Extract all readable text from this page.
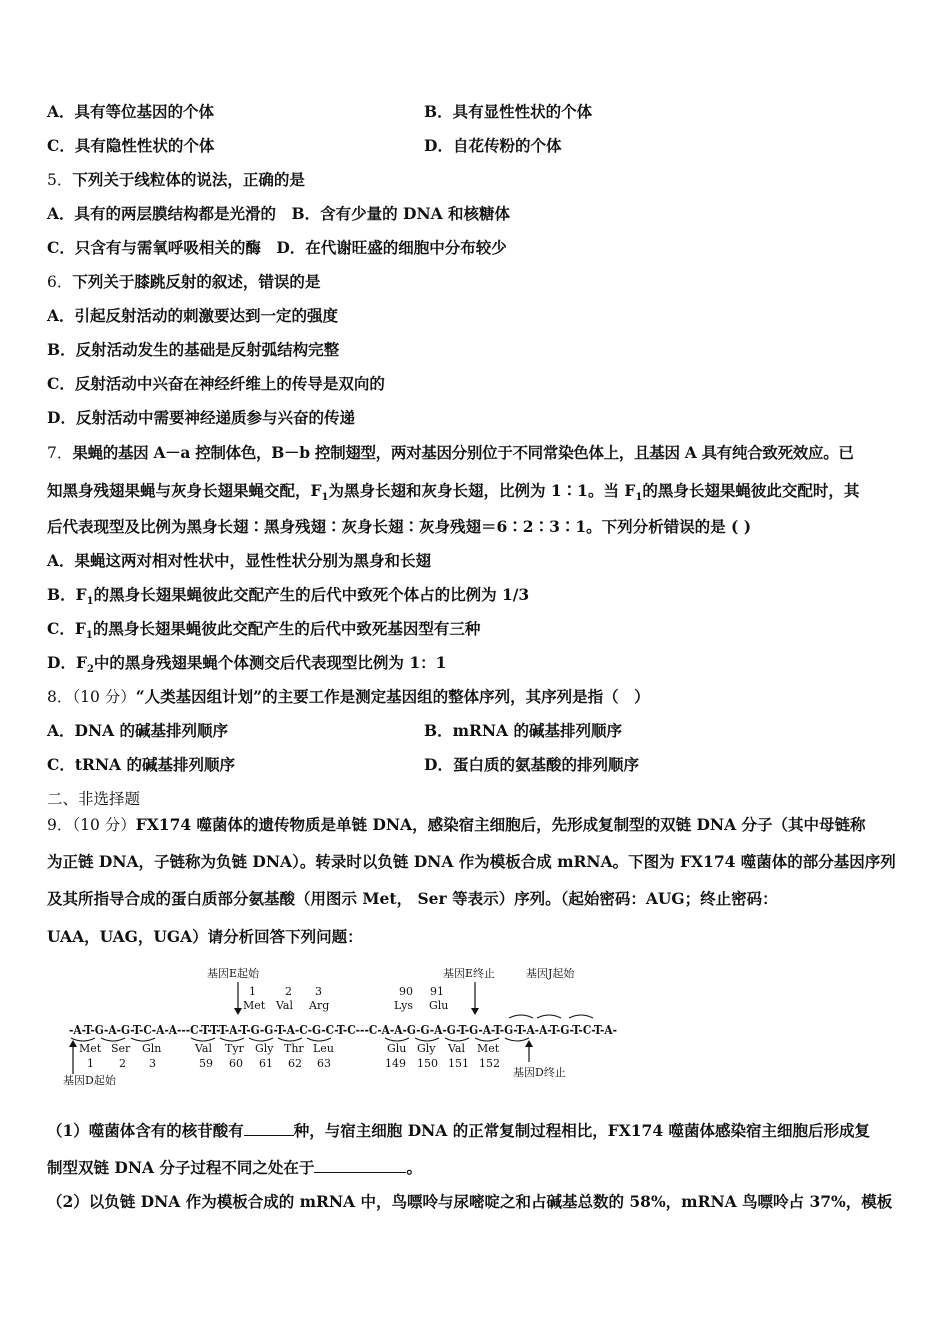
A．具有等位基因的个体	B．具有显性性状的个体
C．具有隐性性状的个体	D．自花传粉的个体
5．下列关于线粒体的说法，正确的是
A．具有的两层膜结构都是光滑的　B．含有少量的 DNA 和核糖体
C．只含有与需氧呼吸相关的酶　D．在代谢旺盛的细胞中分布较少
6．下列关于膝跳反射的叙述，错误的是
A．引起反射活动的刺激要达到一定的强度
B．反射活动发生的基础是反射弧结构完整
C．反射活动中兴奋在神经纤维上的传导是双向的
D．反射活动中需要神经递质参与兴奋的传递
7．果蝇的基因 A－a 控制体色，B－b 控制翅型，两对基因分别位于不同常染色体上，且基因 A 具有纯合致死效应。已
知黑身残翅果蝇与灰身长翅果蝇交配，$F_1$为黑身长翅和灰身长翅，比例为 1∶1。当 $F_1$的黑身长翅果蝇彼此交配时，其
后代表现型及比例为黑身长翅∶黑身残翅∶灰身长翅∶灰身残翅＝6∶2∶3∶1。下列分析错误的是 ( )
A．果蝇这两对相对性状中，显性性状分别为黑身和长翅
B．$F_1$的黑身长翅果蝇彼此交配产生的后代中致死个体占的比例为 1/3
C．$F_1$的黑身长翅果蝇彼此交配产生的后代中致死基因型有三种
D．$F_2$中的黑身残翅果蝇个体测交后代表现型比例为 1：1
8．（10 分）“人类基因组计划”的主要工作是测定基因组的整体序列，其序列是指（　）
A．DNA 的碱基排列顺序	B．mRNA 的碱基排列顺序
C．tRNA 的碱基排列顺序	D．蛋白质的氨基酸的排列顺序
二、非选择题
9．（10 分）FX174 噬菌体的遗传物质是单链 DNA，感染宿主细胞后，先形成复制型的双链 DNA 分子（其中母链称
为正链 DNA，子链称为负链 DNA）。转录时以负链 DNA 作为模板合成 mRNA。下图为 FX174 噬菌体的部分基因序列
及其所指导合成的蛋白质部分氨基酸（用图示 Met， Ser 等表示）序列。（起始密码：AUG；终止密码：
UAA，UAG，UGA）请分析回答下列问题：
基因E起始	基因E终止	基因J起始
1	2 3	90 91
Met Val Arg	Lys Glu
-A-T-G-A-G-T-C-A-A---C-T-T-T-A-T-G-G-T-A-C-G-C-T-C---C-A-A-G-G-A-G-T-G-A-T-G-T-A-A-T-G-T-C-T-A-
Met Ser Gln	Val Tyr Gly Thr Leu	Glu Gly Val Met
1 2 3	59 60 61 62 63	149 150 151 152
基因D起始
基因D终止
（1）噬菌体含有的核苷酸有	种，与宿主细胞 DNA 的正常复制过程相比，FX174 噬菌体感染宿主细胞后形成复
制型双链 DNA 分子过程不同之处在于	。
（2）以负链 DNA 作为模板合成的 mRNA 中，鸟嘌呤与尿嘧啶之和占碱基总数的 58%，mRNA 鸟嘌呤占 37%，模板
